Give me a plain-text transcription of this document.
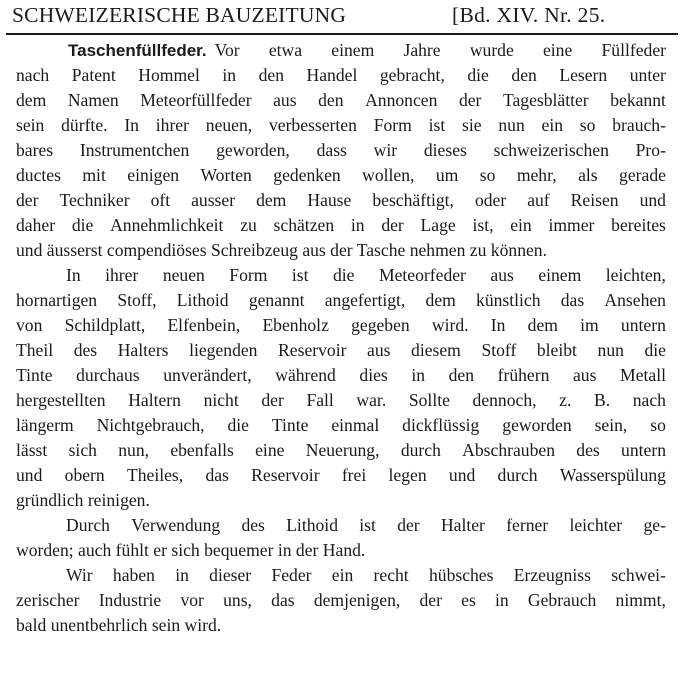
SCHWEIZERISCHE BAUZEITUNG	[Bd. XIV. Nr. 25.
Taschenfüllfeder. Vor etwa einem Jahre wurde eine Füllfeder
nach Patent Hommel in den Handel gebracht, die den Lesern unter
dem Namen Meteorfüllfeder aus den Annoncen der Tagesblätter bekannt
sein dürfte. In ihrer neuen, verbesserten Form ist sie nun ein so brauch-
bares Instrumentchen geworden, dass wir dieses schweizerischen Pro-
ductes mit einigen Worten gedenken wollen, um so mehr, als gerade
der Techniker oft ausser dem Hause beschäftigt, oder auf Reisen und
daher die Annehmlichkeit zu schätzen in der Lage ist, ein immer bereites
und äusserst compendiöses Schreibzeug aus der Tasche nehmen zu können.
In ihrer neuen Form ist die Meteorfeder aus einem leichten,
hornartigen Stoff, Lithoid genannt angefertigt, dem künstlich das Ansehen
von Schildplatt, Elfenbein, Ebenholz gegeben wird. In dem im untern
Theil des Halters liegenden Reservoir aus diesem Stoff bleibt nun die
Tinte durchaus unverändert, während dies in den frühern aus Metall
hergestellten Haltern nicht der Fall war. Sollte dennoch, z. B. nach
längerm Nichtgebrauch, die Tinte einmal dickflüssig geworden sein, so
lässt sich nun, ebenfalls eine Neuerung, durch Abschrauben des untern
und obern Theiles, das Reservoir frei legen und durch Wasserspülung
gründlich reinigen.
Durch Verwendung des Lithoid ist der Halter ferner leichter ge-
worden; auch fühlt er sich bequemer in der Hand.
Wir haben in dieser Feder ein recht hübsches Erzeugniss schwei-
zerischer Industrie vor uns, das demjenigen, der es in Gebrauch nimmt,
bald unentbehrlich sein wird.
